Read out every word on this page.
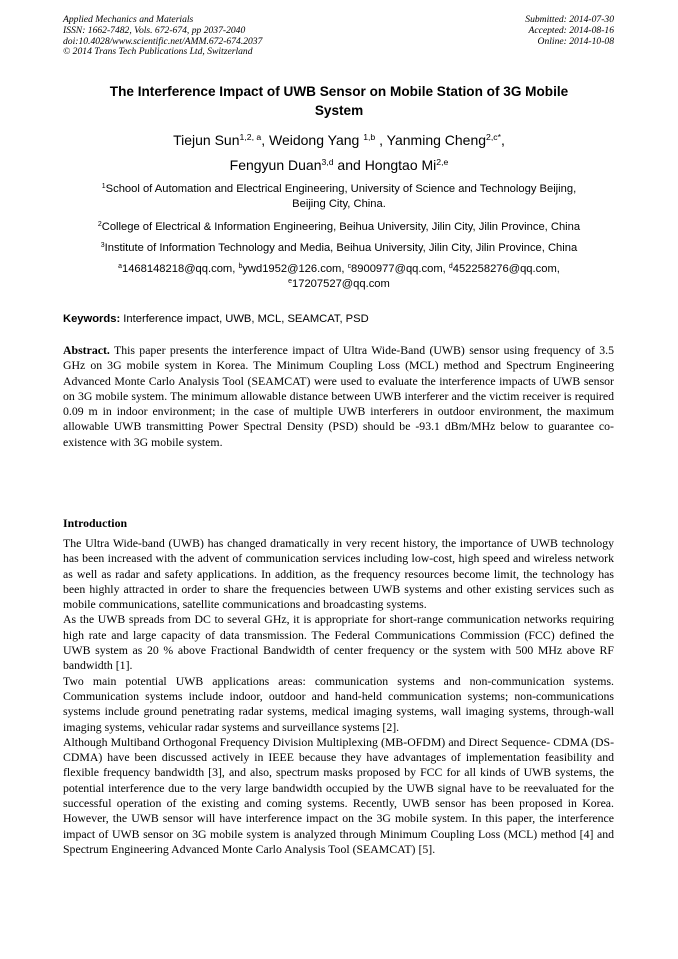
Applied Mechanics and Materials
ISSN: 1662-7482, Vols. 672-674, pp 2037-2040
doi:10.4028/www.scientific.net/AMM.672-674.2037
© 2014 Trans Tech Publications Ltd, Switzerland
Submitted: 2014-07-30
Accepted: 2014-08-16
Online: 2014-10-08
The Interference Impact of UWB Sensor on Mobile Station of 3G Mobile
System
Tiejun Sun$^{1,2, a}$, Weidong Yang $^{1,b}$ , Yanming Cheng$^{2,c*}$,
Fengyun Duan$^{3,d}$ and Hongtao Mi$^{2,e}$
$^1$School of Automation and Electrical Engineering, University of Science and Technology Beijing,
Beijing City, China.
$^2$College of Electrical & Information Engineering, Beihua University, Jilin City, Jilin Province, China
$^3$Institute of Information Technology and Media, Beihua University, Jilin City, Jilin Province, China
$^a$1468148218@qq.com, $^b$ywd1952@126.com, $^c$8900977@qq.com, $^d$452258276@qq.com,
$^e$17207527@qq.com
Keywords: Interference impact, UWB, MCL, SEAMCAT, PSD

Abstract. This paper presents the interference impact of Ultra Wide-Band (UWB) sensor using frequency of 3.5 GHz on 3G mobile system in Korea. The Minimum Coupling Loss (MCL) method and Spectrum Engineering Advanced Monte Carlo Analysis Tool (SEAMCAT) were used to evaluate the interference impacts of UWB sensor on 3G mobile system. The minimum allowable distance between UWB interferer and the victim receiver is required 0.09 m in indoor environment; in the case of multiple UWB interferers in outdoor environment, the maximum allowable UWB transmitting Power Spectral Density (PSD) should be -93.1 dBm/MHz below to guarantee co-existence with 3G mobile system.

Introduction

The Ultra Wide-band (UWB) has changed dramatically in very recent history, the importance of UWB technology has been increased with the advent of communication services including low-cost, high speed and wireless network as well as radar and safety applications. In addition, as the frequency resources become limit, the technology has been highly attracted in order to share the frequencies between UWB systems and other existing services such as mobile communications, satellite communications and broadcasting systems.

As the UWB spreads from DC to several GHz, it is appropriate for short-range communication networks requiring high rate and large capacity of data transmission. The Federal Communications Commission (FCC) defined the UWB system as 20 % above Fractional Bandwidth of center frequency or the system with 500 MHz above RF bandwidth [1].

Two main potential UWB applications areas: communication systems and non-communication systems. Communication systems include indoor, outdoor and hand-held communication systems; non-communications systems include ground penetrating radar systems, medical imaging systems, wall imaging systems, through-wall imaging systems, vehicular radar systems and surveillance systems [2].

Although Multiband Orthogonal Frequency Division Multiplexing (MB-OFDM) and Direct Sequence- CDMA (DS-CDMA) have been discussed actively in IEEE because they have advantages of implementation feasibility and flexible frequency bandwidth [3], and also, spectrum masks proposed by FCC for all kinds of UWB systems, the potential interference due to the very large bandwidth occupied by the UWB signal have to be reevaluated for the successful operation of the existing and coming systems. Recently, UWB sensor has been proposed in Korea. However, the UWB sensor will have interference impact on the 3G mobile system. In this paper, the interference impact of UWB sensor on 3G mobile system is analyzed through Minimum Coupling Loss (MCL) method [4] and Spectrum Engineering Advanced Monte Carlo Analysis Tool (SEAMCAT) [5].
